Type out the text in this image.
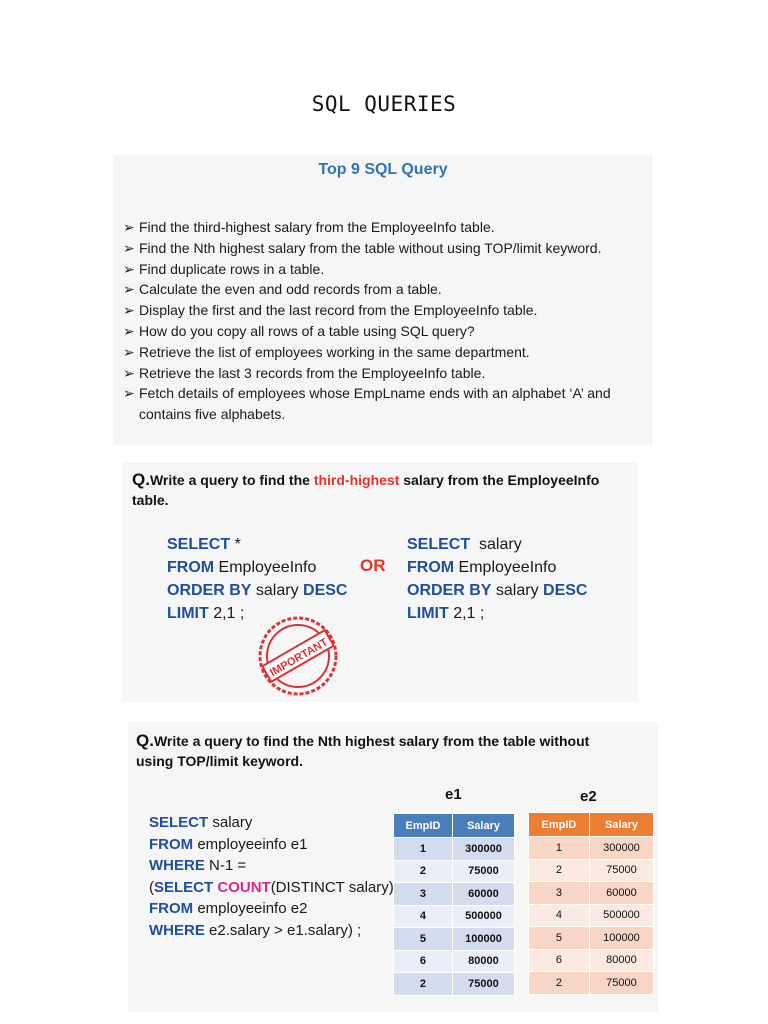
SQL QUERIES
Top 9 SQL Query
➢ Find the third-highest salary from the EmployeeInfo table.
➢ Find the Nth highest salary from the table without using TOP/limit keyword.
➢ Find duplicate rows in a table.
➢ Calculate the even and odd records from a table.
➢ Display the first and the last record from the EmployeeInfo table.
➢ How do you copy all rows of a table using SQL query?
➢ Retrieve the list of employees working in the same department.
➢ Retrieve the last 3 records from the EmployeeInfo table.
➢ Fetch details of employees whose EmpLname ends with an alphabet ‘A’ and
contains five alphabets.
Q.Write a query to find the third-highest salary from the EmployeeInfo
table.
SELECT *
FROM EmployeeInfo
ORDER BY salary DESC
LIMIT 2,1 ;
OR
SELECT  salary
FROM EmployeeInfo
ORDER BY salary DESC
LIMIT 2,1 ;
IMPORTANT
Q.Write a query to find the Nth highest salary from the table without
using TOP/limit keyword.
SELECT salary
FROM employeeinfo e1
WHERE N-1 =
(SELECT COUNT(DISTINCT salary)
FROM employeeinfo e2
WHERE e2.salary > e1.salary) ;
e1
EmpID	Salary
1	300000
2	75000
3	60000
4	500000
5	100000
6	80000
2	75000
e2
EmpID	Salary
1	300000
2	75000
3	60000
4	500000
5	100000
6	80000
2	75000
